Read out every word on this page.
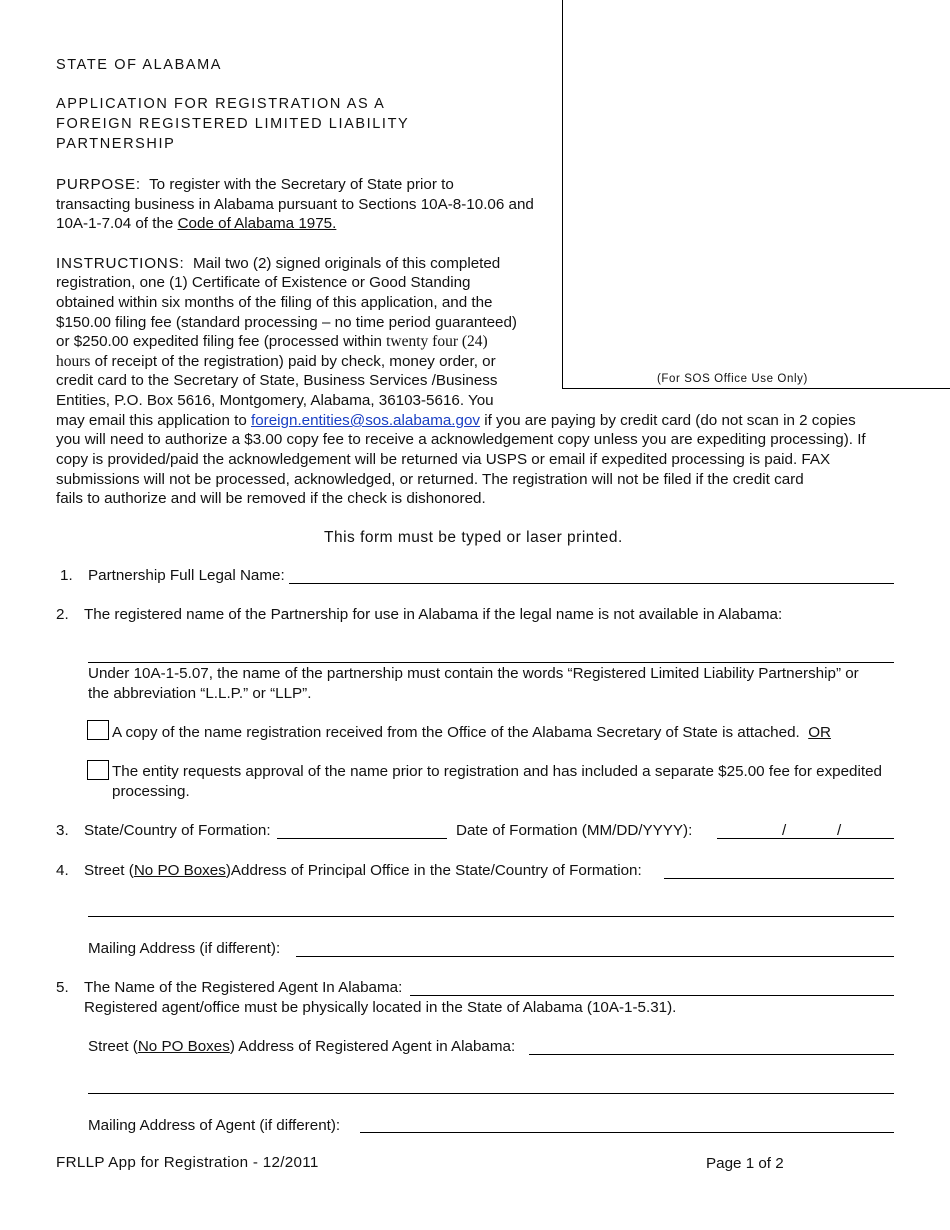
(For SOS Office Use Only)
STATE OF ALABAMA
APPLICATION FOR REGISTRATION AS A
FOREIGN REGISTERED LIMITED LIABILITY
PARTNERSHIP
PURPOSE: To register with the Secretary of State prior to
transacting business in Alabama pursuant to Sections 10A-8-10.06 and
10A-1-7.04 of the Code of Alabama 1975.
INSTRUCTIONS: Mail two (2) signed originals of this completed
registration, one (1) Certificate of Existence or Good Standing
obtained within six months of the filing of this application, and the
$150.00 filing fee (standard processing – no time period guaranteed)
or $250.00 expedited filing fee (processed within twenty four (24)
hours of receipt of the registration) paid by check, money order, or
credit card to the Secretary of State, Business Services /Business
Entities, P.O. Box 5616, Montgomery, Alabama, 36103-5616. You
may email this application to foreign.entities@sos.alabama.gov if you are paying by credit card (do not scan in 2 copies
you will need to authorize a $3.00 copy fee to receive a acknowledgement copy unless you are expediting processing). If
copy is provided/paid the acknowledgement will be returned via USPS or email if expedited processing is paid. FAX
submissions will not be processed, acknowledged, or returned. The registration will not be filed if the credit card
fails to authorize and will be removed if the check is dishonored.
This form must be typed or laser printed.
1. Partnership Full Legal Name:
2. The registered name of the Partnership for use in Alabama if the legal name is not available in Alabama:
Under 10A-1-5.07, the name of the partnership must contain the words “Registered Limited Liability Partnership” or
the abbreviation “L.L.P.” or “LLP”.
A copy of the name registration received from the Office of the Alabama Secretary of State is attached. OR
The entity requests approval of the name prior to registration and has included a separate $25.00 fee for expedited
processing.
3. State/Country of Formation:	Date of Formation (MM/DD/YYYY):	/	/
4. Street (No PO Boxes)Address of Principal Office in the State/Country of Formation:
Mailing Address (if different):
5. The Name of the Registered Agent In Alabama:
Registered agent/office must be physically located in the State of Alabama (10A-1-5.31).
Street (No PO Boxes) Address of Registered Agent in Alabama:
Mailing Address of Agent (if different):
FRLLP App for Registration - 12/2011	Page 1 of 2
